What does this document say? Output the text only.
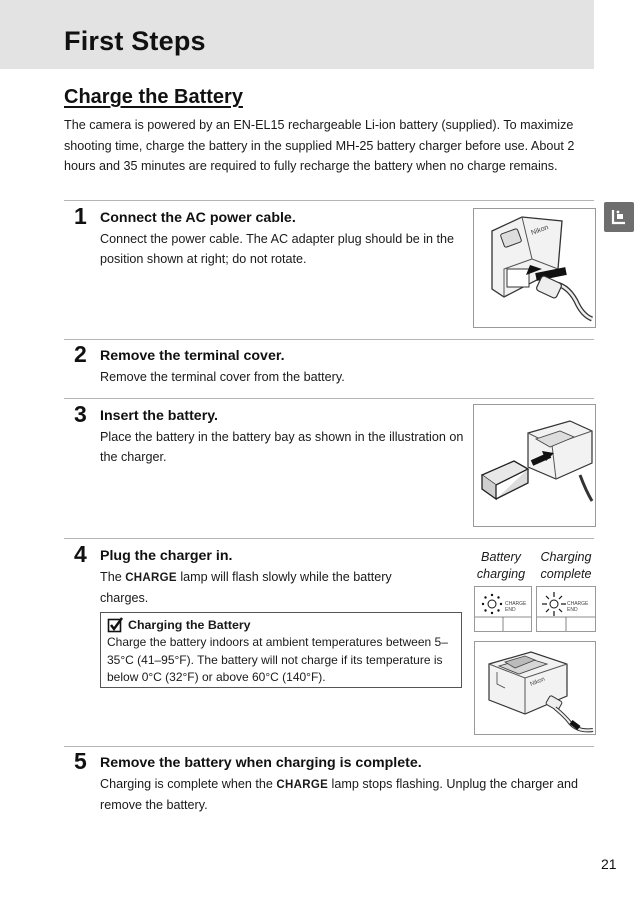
First Steps
Charge the Battery

The camera is powered by an EN-EL15 rechargeable Li-ion battery (supplied). To maximize shooting time, charge the battery in the supplied MH-25 battery charger before use. About 2 hours and 35 minutes are required to fully recharge the battery when no charge remains.

1 Connect the AC power cable.

Connect the power cable. The AC adapter plug should be in the position shown at right; do not rotate.

Nikon
2 Remove the terminal cover.

Remove the terminal cover from the battery.

3 Insert the battery.

Place the battery in the battery bay as shown in the illustration on the charger.

4 Plug the charger in.

The CHARGE lamp will flash slowly while the battery charges.

Charging the Battery

Charge the battery indoors at ambient temperatures between 5–35°C (41–95°F). The battery will not charge if its temperature is below 0°C (32°F) or above 60°C (140°F).

Battery
charging

Charging
complete

CHARGE
END
CHARGE
END
Nikon
5 Remove the battery when charging is complete.

Charging is complete when the CHARGE lamp stops flashing. Unplug the charger and remove the battery.

21
